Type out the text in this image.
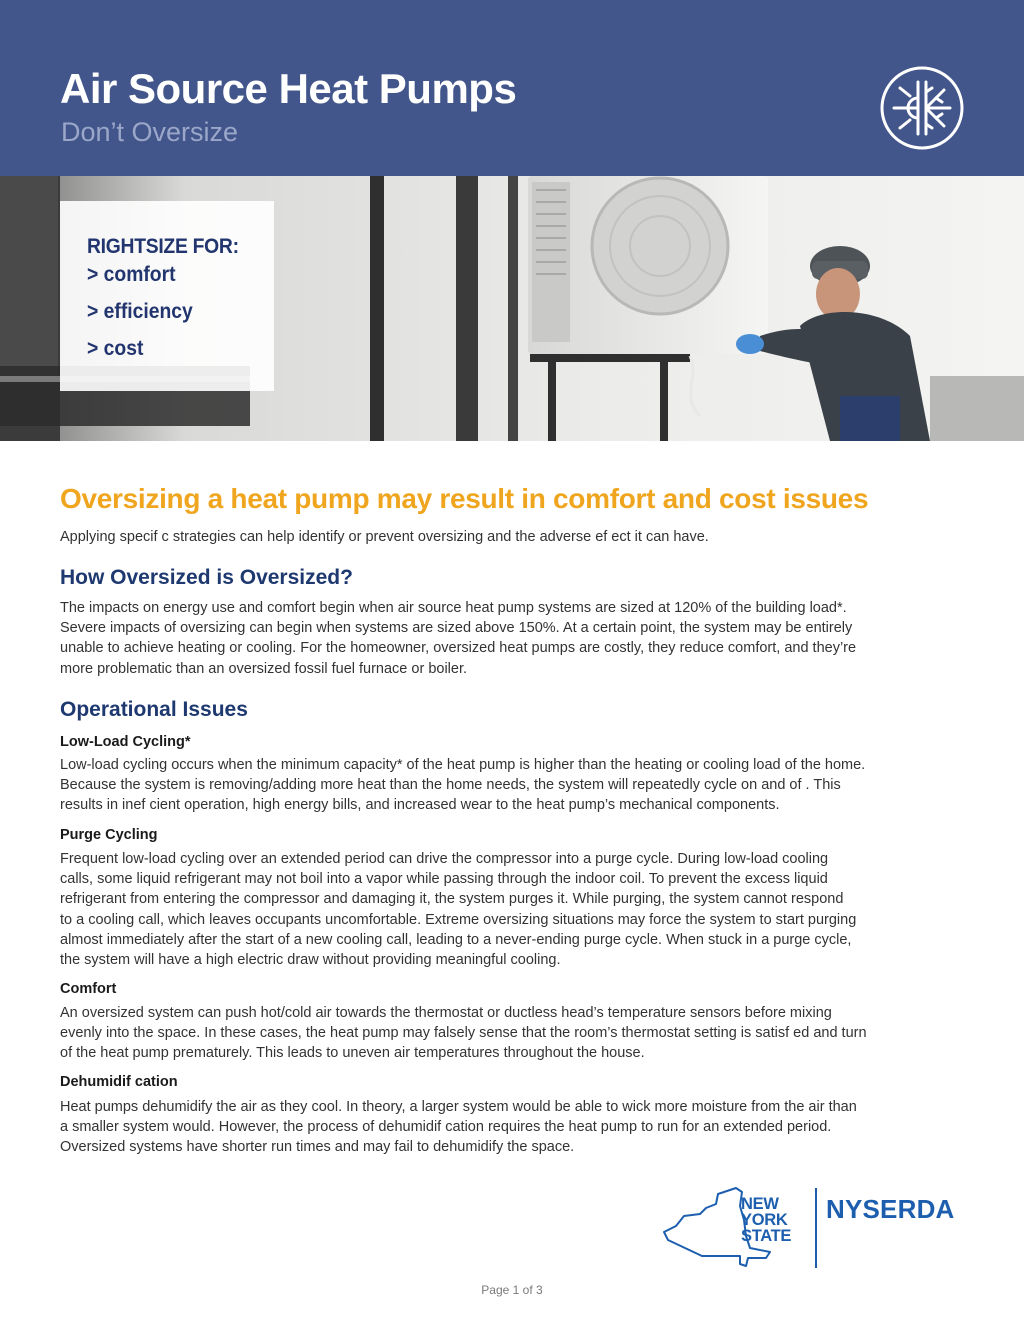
Air Source Heat Pumps
Don’t Oversize
RIGHTSIZE FOR:
> comfort
> efficiency
> cost
Oversizing a heat pump may result in comfort and cost issues
Applying specif c strategies can help identify or prevent oversizing and the adverse ef ect it can have.
How Oversized is Oversized?
The impacts on energy use and comfort begin when air source heat pump systems are sized at 120% of the building load*.
Severe impacts of oversizing can begin when systems are sized above 150%. At a certain point, the system may be entirely
unable to achieve heating or cooling. For the homeowner, oversized heat pumps are costly, they reduce comfort, and they’re
more problematic than an oversized fossil fuel furnace or boiler.
Operational Issues
Low-Load Cycling*
Low-load cycling occurs when the minimum capacity* of the heat pump is higher than the heating or cooling load of the home.
Because the system is removing/adding more heat than the home needs, the system will repeatedly cycle on and of . This
results in inef cient operation, high energy bills, and increased wear to the heat pump’s mechanical components.
Purge Cycling
Frequent low-load cycling over an extended period can drive the compressor into a purge cycle. During low-load cooling
calls, some liquid refrigerant may not boil into a vapor while passing through the indoor coil. To prevent the excess liquid
refrigerant from entering the compressor and damaging it, the system purges it. While purging, the system cannot respond
to a cooling call, which leaves occupants uncomfortable. Extreme oversizing situations may force the system to start purging
almost immediately after the start of a new cooling call, leading to a never-ending purge cycle. When stuck in a purge cycle,
the system will have a high electric draw without providing meaningful cooling.
Comfort
An oversized system can push hot/cold air towards the thermostat or ductless head’s temperature sensors before mixing
evenly into the space. In these cases, the heat pump may falsely sense that the room’s thermostat setting is satisf ed and turn
of the heat pump prematurely. This leads to uneven air temperatures throughout the house.
Dehumidif cation
Heat pumps dehumidify the air as they cool. In theory, a larger system would be able to wick more moisture from the air than
a smaller system would. However, the process of dehumidif cation requires the heat pump to run for an extended period.
Oversized systems have shorter run times and may fail to dehumidify the space.
NEW
YORK
STATE
NYSERDA
Page 1 of 3
